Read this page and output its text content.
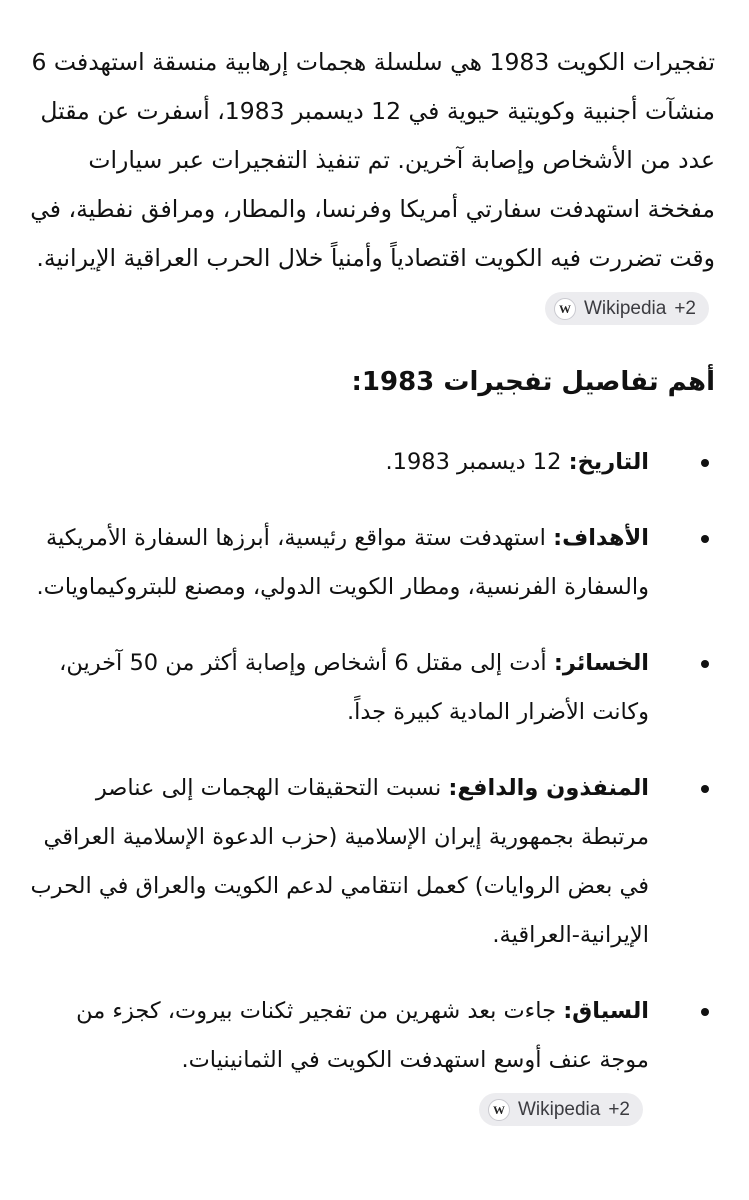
تفجيرات الكويت 1983 هي سلسلة هجمات إرهابية منسقة استهدفت 6 منشآت أجنبية وكويتية حيوية في 12 ديسمبر 1983، أسفرت عن مقتل عدد من الأشخاص وإصابة آخرين. تم تنفيذ التفجيرات عبر سيارات مفخخة استهدفت سفارتي أمريكا وفرنسا، والمطار، ومرافق نفطية، في وقت تضررت فيه الكويت اقتصادياً وأمنياً خلال الحرب العراقية الإيرانية.
W Wikipedia +2

أهم تفاصيل تفجيرات 1983:
التاريخ: 12 ديسمبر 1983.
الأهداف: استهدفت ستة مواقع رئيسية، أبرزها السفارة الأمريكية والسفارة الفرنسية، ومطار الكويت الدولي، ومصنع للبتروكيماويات.
الخسائر: أدت إلى مقتل 6 أشخاص وإصابة أكثر من 50 آخرين، وكانت الأضرار المادية كبيرة جداً.
المنفذون والدافع: نسبت التحقيقات الهجمات إلى عناصر مرتبطة بجمهورية إيران الإسلامية (حزب الدعوة الإسلامية العراقي في بعض الروايات) كعمل انتقامي لدعم الكويت والعراق في الحرب الإيرانية-العراقية.
السياق: جاءت بعد شهرين من تفجير ثكنات بيروت، كجزء من موجة عنف أوسع استهدفت الكويت في الثمانينيات.
W Wikipedia +2
